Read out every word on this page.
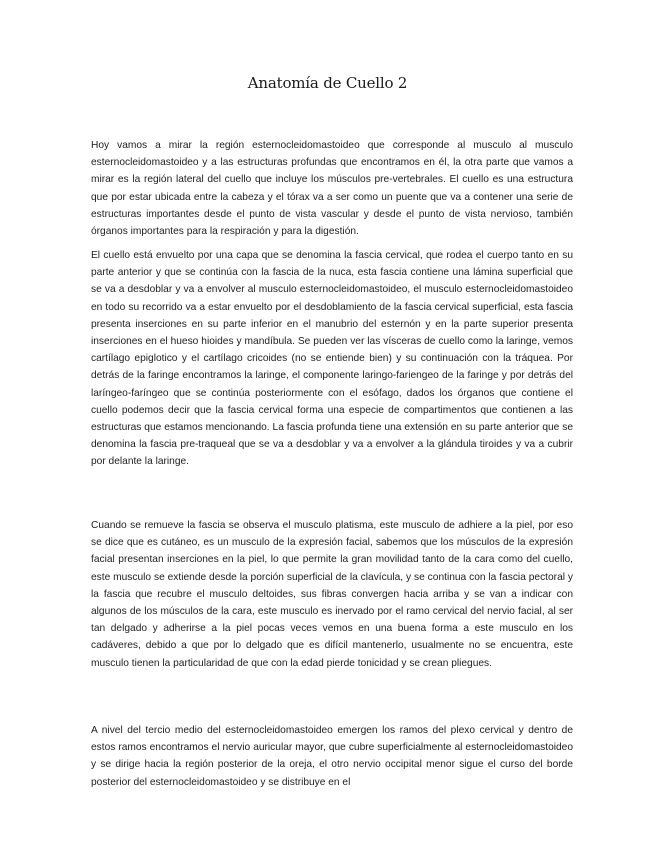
Anatomía de Cuello 2

Hoy vamos a mirar la región esternocleidomastoideo que corresponde al musculo al musculo esternocleidomastoideo y a las estructuras profundas que encontramos en él, la otra parte que vamos a mirar es la región lateral del cuello que incluye los músculos pre-vertebrales. El cuello es una estructura que por estar ubicada entre la cabeza y el tórax va a ser como un puente que va a contener una serie de estructuras importantes desde el punto de vista vascular y desde el punto de vista nervioso, también órganos importantes para la respiración y para la digestión.

El cuello está envuelto por una capa que se denomina la fascia cervical, que rodea el cuerpo tanto en su parte anterior y que se continúa con la fascia de la nuca, esta fascia contiene una lámina superficial que se va a desdoblar y va a envolver al musculo esternocleidomastoideo, el musculo esternocleidomastoideo en todo su recorrido va a estar envuelto por el desdoblamiento de la fascia cervical superficial, esta fascia presenta inserciones en su parte inferior en el manubrio del esternón y en la parte superior presenta inserciones en el hueso hioides y mandíbula. Se pueden ver las vísceras de cuello como la laringe, vemos cartílago epiglotico y el cartílago cricoides (no se entiende bien) y su continuación con la tráquea. Por detrás de la faringe encontramos la laringe, el componente laringo-fariengeo de la faringe y por detrás del laríngeo-faríngeo que se continúa posteriormente con el esófago, dados los órganos que contiene el cuello podemos decir que la fascia cervical forma una especie de compartimentos que contienen a las estructuras que estamos mencionando. La fascia profunda tiene una extensión en su parte anterior que se denomina la fascia pre-traqueal que se va a desdoblar y va a envolver a la glándula tiroides y va a cubrir por delante la laringe.

Cuando se remueve la fascia se observa el musculo platisma, este musculo de adhiere a la piel, por eso se dice que es cutáneo, es un musculo de la expresión facial, sabemos que los músculos de la expresión facial presentan inserciones en la piel, lo que permite la gran movilidad tanto de la cara como del cuello, este musculo se extiende desde la porción superficial de la clavícula, y se continua con la fascia pectoral y la fascia que recubre el musculo deltoides, sus fibras convergen hacia arriba y se van a indicar con algunos de los músculos de la cara, este musculo es inervado por el ramo cervical del nervio facial, al ser tan delgado y adherirse a la piel pocas veces vemos en una buena forma a este musculo en los cadáveres, debido a que por lo delgado que es difícil mantenerlo, usualmente no se encuentra, este musculo tienen la particularidad de que con la edad pierde tonicidad y se crean pliegues.

A nivel del tercio medio del esternocleidomastoideo emergen los ramos del plexo cervical y dentro de estos ramos encontramos el nervio auricular mayor, que cubre superficialmente al esternocleidomastoideo y se dirige hacia la región posterior de la oreja, el otro nervio occipital menor sigue el curso del borde posterior del esternocleidomastoideo y se distribuye en el
